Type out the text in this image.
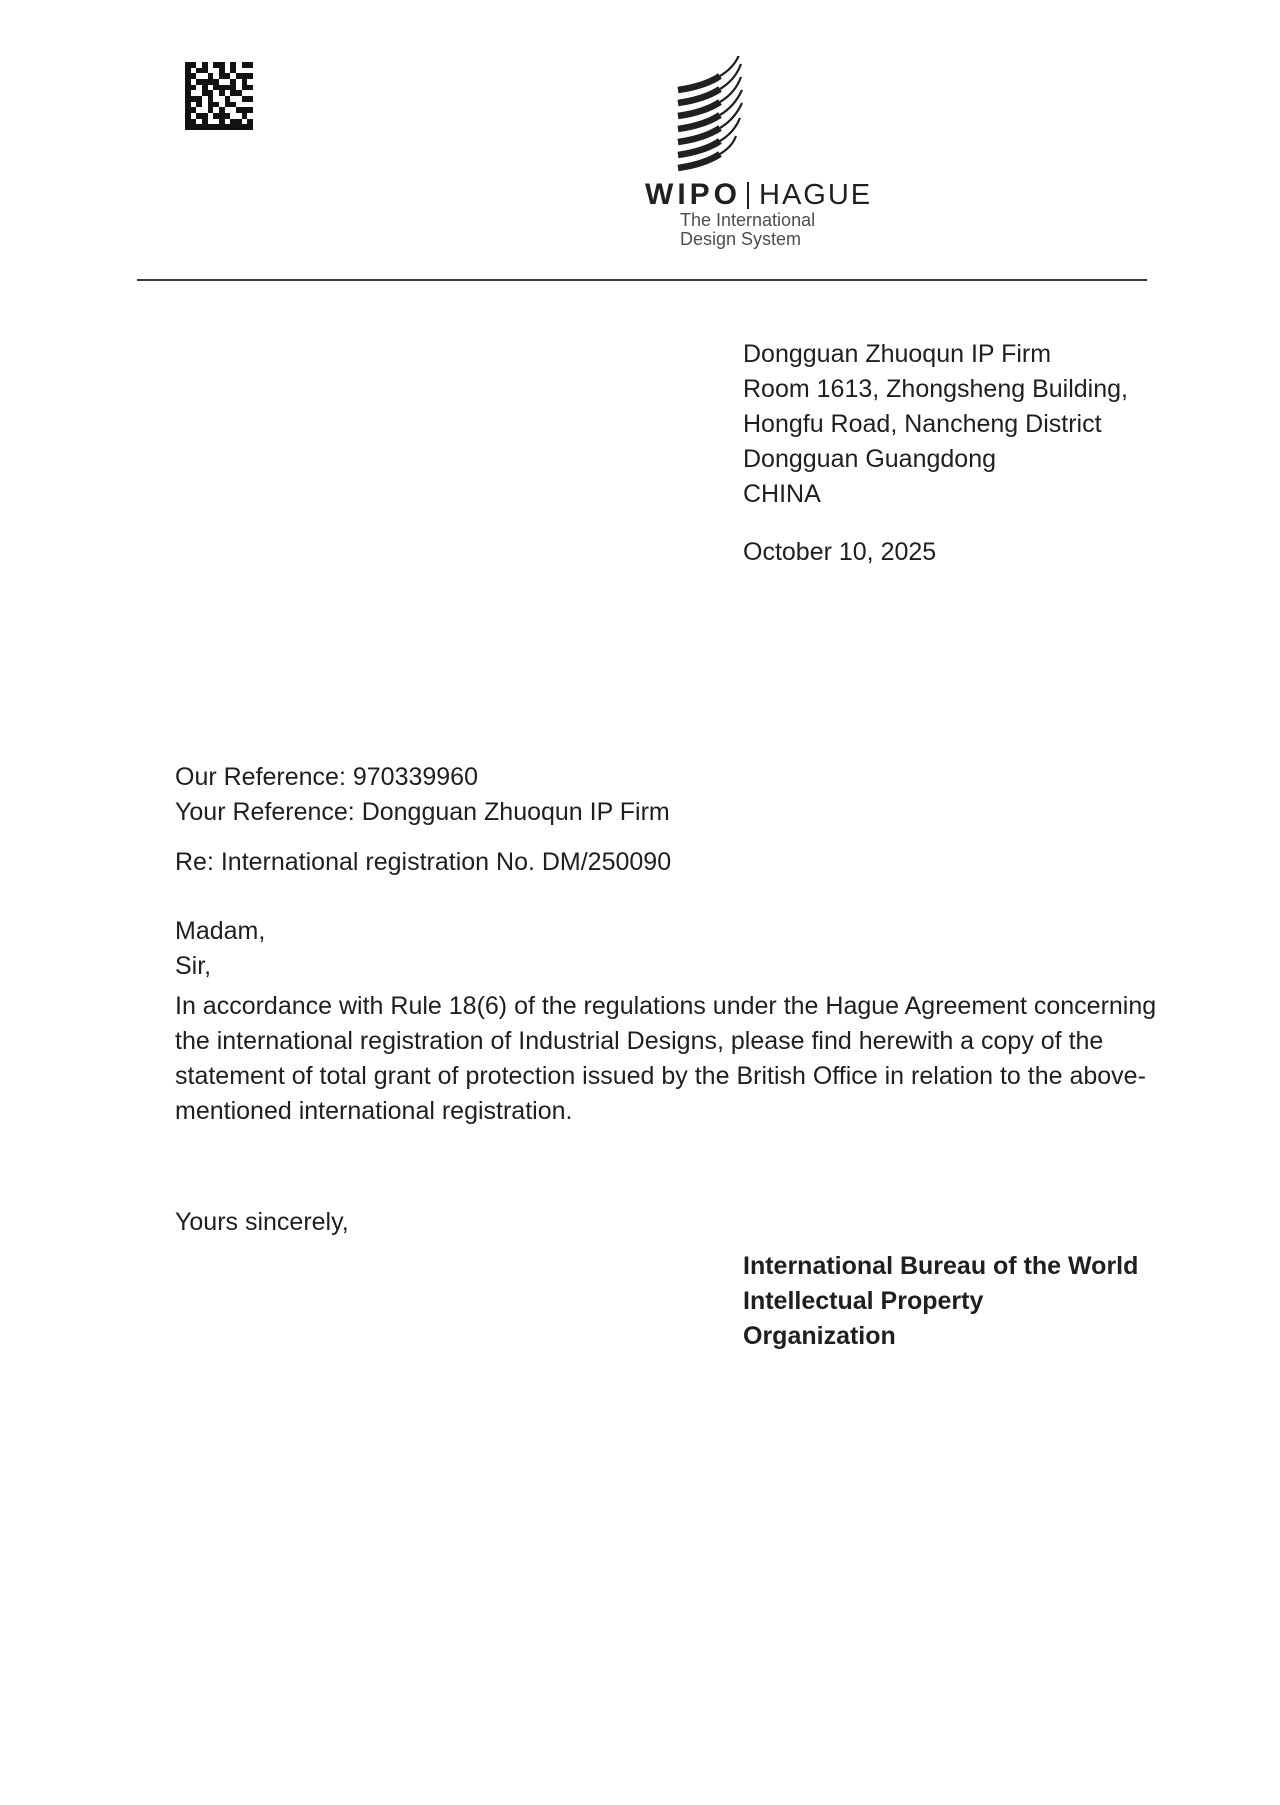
WIPO HAGUE
The International
Design System
Dongguan Zhuoqun IP Firm
Room 1613, Zhongsheng Building,
Hongfu Road, Nancheng District
Dongguan Guangdong
CHINA
October 10, 2025
Our Reference: 970339960
Your Reference: Dongguan Zhuoqun IP Firm
Re: International registration No. DM/250090
Madam,
Sir,
In accordance with Rule 18(6) of the regulations under the Hague Agreement concerning
the international registration of Industrial Designs, please find herewith a copy of the
statement of total grant of protection issued by the British Office in relation to the above-
mentioned international registration.
Yours sincerely,
International Bureau of the World
Intellectual Property
Organization
